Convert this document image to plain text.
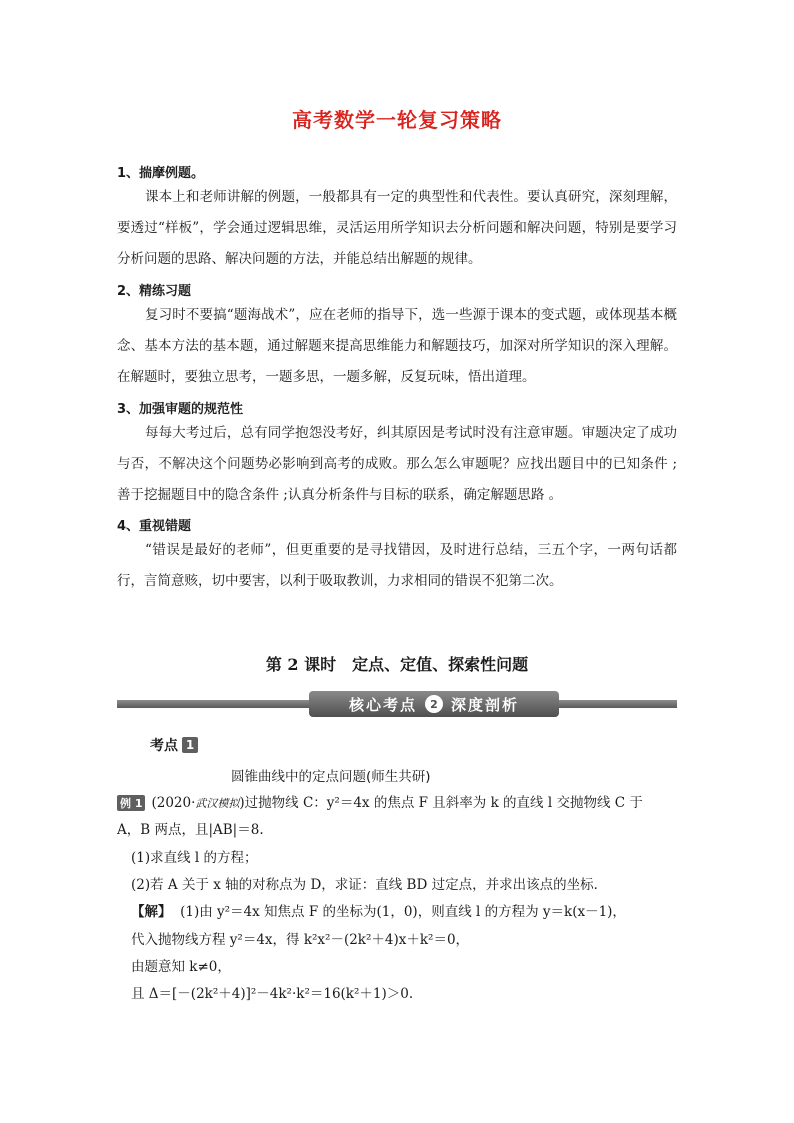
高考数学一轮复习策略
1、揣摩例题。
课本上和老师讲解的例题，一般都具有一定的典型性和代表性。要认真研究，深刻理解，要透过“样板”，学会通过逻辑思维，灵活运用所学知识去分析问题和解决问题，特别是要学习分析问题的思路、解决问题的方法，并能总结出解题的规律。
2、精练习题
复习时不要搞“题海战术”，应在老师的指导下，选一些源于课本的变式题，或体现基本概念、基本方法的基本题，通过解题来提高思维能力和解题技巧，加深对所学知识的深入理解。在解题时，要独立思考，一题多思，一题多解，反复玩味，悟出道理。
3、加强审题的规范性
每每大考过后，总有同学抱怨没考好，纠其原因是考试时没有注意审题。审题决定了成功与否，不解决这个问题势必影响到高考的成败。那么怎么审题呢？应找出题目中的已知条件 ;善于挖掘题目中的隐含条件 ;认真分析条件与目标的联系，确定解题思路 。
4、重视错题
“错误是最好的老师”，但更重要的是寻找错因，及时进行总结，三五个字，一两句话都行，言简意赅，切中要害，以利于吸取教训，力求相同的错误不犯第二次。
第 2 课时　定点、定值、探索性问题
核心考点	2 深度剖析
考点 1
圆锥曲线中的定点问题(师生共研)
例 1 (2020·武汉模拟)过抛物线 C：y²＝4x 的焦点 F 且斜率为 k 的直线 l 交抛物线 C 于
A，B 两点，且|AB|＝8.
(1)求直线 l 的方程；
(2)若 A 关于 x 轴的对称点为 D，求证：直线 BD 过定点，并求出该点的坐标．
【解】 (1)由 y²＝4x 知焦点 F 的坐标为(1，0)，则直线 l 的方程为 y＝k(x－1)，
代入抛物线方程 y²＝4x，得 k²x²－(2k²＋4)x＋k²＝0，
由题意知 k≠0，
且 Δ＝[－(2k²＋4)]²－4k²·k²＝16(k²＋1)＞0.
